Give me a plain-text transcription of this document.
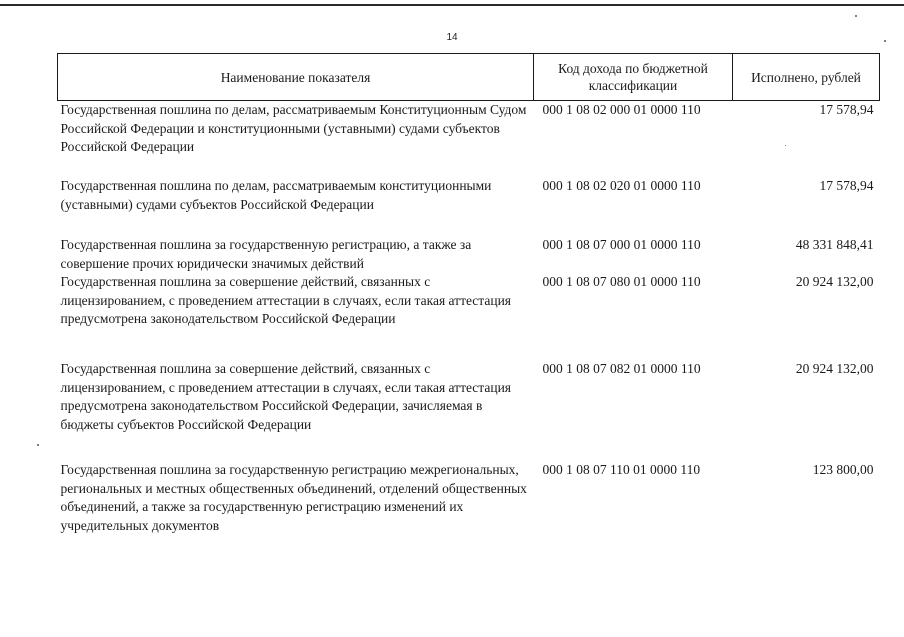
14
Наименование показателя	Код дохода по бюджетной классификации	Исполнено, рублей
Государственная пошлина по делам, рассматриваемым Конституционным Судом Российской Федерации и конституционными (уставными) судами субъектов Российской Федерации	000 1 08 02 000 01 0000 110	17 578,94
Государственная пошлина по делам, рассматриваемым конституционными (уставными) судами субъектов Российской Федерации	000 1 08 02 020 01 0000 110	17 578,94
Государственная пошлина за государственную регистрацию, а также за совершение прочих юридически значимых действий	000 1 08 07 000 01 0000 110	48 331 848,41
Государственная пошлина за совершение действий, связанных с лицензированием, с проведением аттестации в случаях, если такая аттестация предусмотрена законодательством Российской Федерации	000 1 08 07 080 01 0000 110	20 924 132,00
Государственная пошлина за совершение действий, связанных с лицензированием, с проведением аттестации в случаях, если такая аттестация предусмотрена законодательством Российской Федерации, зачисляемая в бюджеты субъектов Российской Федерации	000 1 08 07 082 01 0000 110	20 924 132,00
Государственная пошлина за государственную регистрацию межрегиональных, региональных и местных общественных объединений, отделений общественных объединений, а также за государственную регистрацию изменений их учредительных документов	000 1 08 07 110 01 0000 110	123 800,00
